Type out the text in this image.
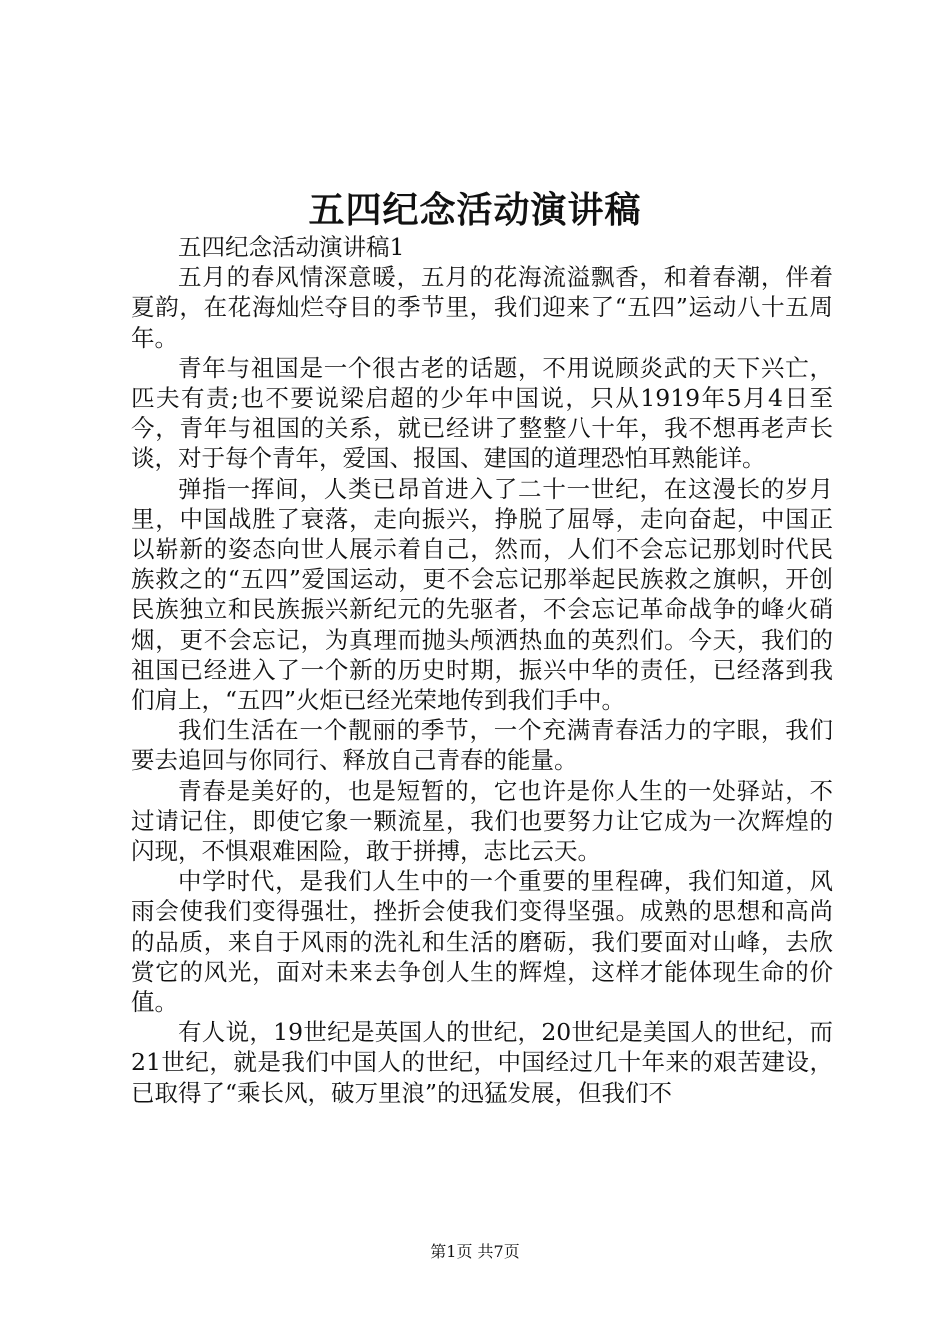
五四纪念活动演讲稿

五四纪念活动演讲稿1

五月的春风情深意暖，五月的花海流溢飘香，和着春潮，伴着夏韵，在花海灿烂夺目的季节里，我们迎来了“五四”运动八十五周年。

青年与祖国是一个很古老的话题，不用说顾炎武的天下兴亡，匹夫有责;也不要说梁启超的少年中国说，只从1919年5月4日至今，青年与祖国的关系，就已经讲了整整八十年，我不想再老声长谈，对于每个青年，爱国、报国、建国的道理恐怕耳熟能详。

弹指一挥间，人类已昂首进入了二十一世纪，在这漫长的岁月里，中国战胜了衰落，走向振兴，挣脱了屈辱，走向奋起，中国正以崭新的姿态向世人展示着自己，然而，人们不会忘记那划时代民族救之的“五四”爱国运动，更不会忘记那举起民族救之旗帜，开创民族独立和民族振兴新纪元的先驱者，不会忘记革命战争的峰火硝烟，更不会忘记，为真理而抛头颅洒热血的英烈们。今天，我们的祖国已经进入了一个新的历史时期，振兴中华的责任，已经落到我们肩上，“五四”火炬已经光荣地传到我们手中。

我们生活在一个靓丽的季节，一个充满青春活力的字眼，我们要去追回与你同行、释放自己青春的能量。

青春是美好的，也是短暂的，它也许是你人生的一处驿站，不过请记住，即使它象一颗流星，我们也要努力让它成为一次辉煌的闪现，不惧艰难困险，敢于拼搏，志比云天。

中学时代，是我们人生中的一个重要的里程碑，我们知道，风雨会使我们变得强壮，挫折会使我们变得坚强。成熟的思想和高尚的品质，来自于风雨的洗礼和生活的磨砺，我们要面对山峰，去欣赏它的风光，面对未来去争创人生的辉煌，这样才能体现生命的价值。

有人说，19世纪是英国人的世纪，20世纪是美国人的世纪，而21世纪，就是我们中国人的世纪，中国经过几十年来的艰苦建设，已取得了“乘长风，破万里浪”的迅猛发展，但我们不

第1页 共7页
